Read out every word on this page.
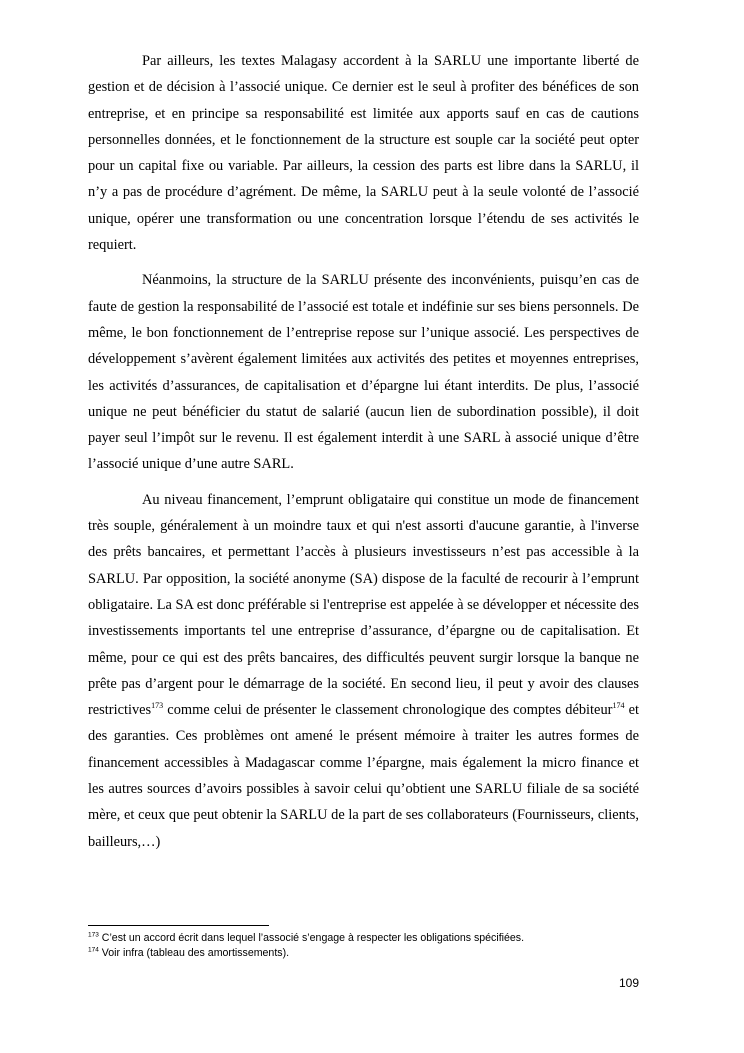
Par ailleurs, les textes Malagasy accordent à la SARLU une importante liberté de gestion et de décision à l’associé unique. Ce dernier est le seul à profiter des bénéfices de son entreprise, et en principe sa responsabilité est limitée aux apports sauf en cas de cautions personnelles données, et le fonctionnement de la structure est souple car la société peut opter pour un capital fixe ou variable. Par ailleurs, la cession des parts est libre dans la SARLU, il n’y a pas de procédure d’agrément. De même, la SARLU peut à la seule volonté de l’associé unique, opérer une transformation ou une concentration lorsque l’étendu de ses activités le requiert.

Néanmoins, la structure de la SARLU présente des inconvénients, puisqu’en cas de faute de gestion la responsabilité de l’associé est totale et indéfinie sur ses biens personnels. De même, le bon fonctionnement de l’entreprise repose sur l’unique associé. Les perspectives de développement s’avèrent également limitées aux activités des petites et moyennes entreprises, les activités d’assurances, de capitalisation et d’épargne lui étant interdits. De plus, l’associé unique ne peut bénéficier du statut de salarié (aucun lien de subordination possible), il doit payer seul l’impôt sur le revenu. Il est également interdit à une SARL à associé unique d’être l’associé unique d’une autre SARL.

Au niveau financement, l’emprunt obligataire qui constitue un mode de financement très souple, généralement à un moindre taux et qui n'est assorti d'aucune garantie, à l'inverse des prêts bancaires, et permettant l’accès à plusieurs investisseurs n’est pas accessible à la SARLU. Par opposition, la société anonyme (SA) dispose de la faculté de recourir à l’emprunt obligataire. La SA est donc préférable si l'entreprise est appelée à se développer et nécessite des investissements importants tel une entreprise d’assurance, d’épargne ou de capitalisation. Et même, pour ce qui est des prêts bancaires, des difficultés peuvent surgir lorsque la banque ne prête pas d’argent pour le démarrage de la société. En second lieu, il peut y avoir des clauses restrictives$^{173}$ comme celui de présenter le classement chronologique des comptes débiteur$^{174}$ et des garanties. Ces problèmes ont amené le présent mémoire à traiter les autres formes de financement accessibles à Madagascar comme l’épargne, mais également la micro finance et les autres sources d’avoirs possibles à savoir celui qu’obtient une SARLU filiale de sa société mère, et ceux que peut obtenir la SARLU de la part de ses collaborateurs (Fournisseurs, clients, bailleurs,…)

$^{173}$ C’est un accord écrit dans lequel l’associé s’engage à respecter les obligations spécifiées.
$^{174}$ Voir infra (tableau des amortissements).
109
